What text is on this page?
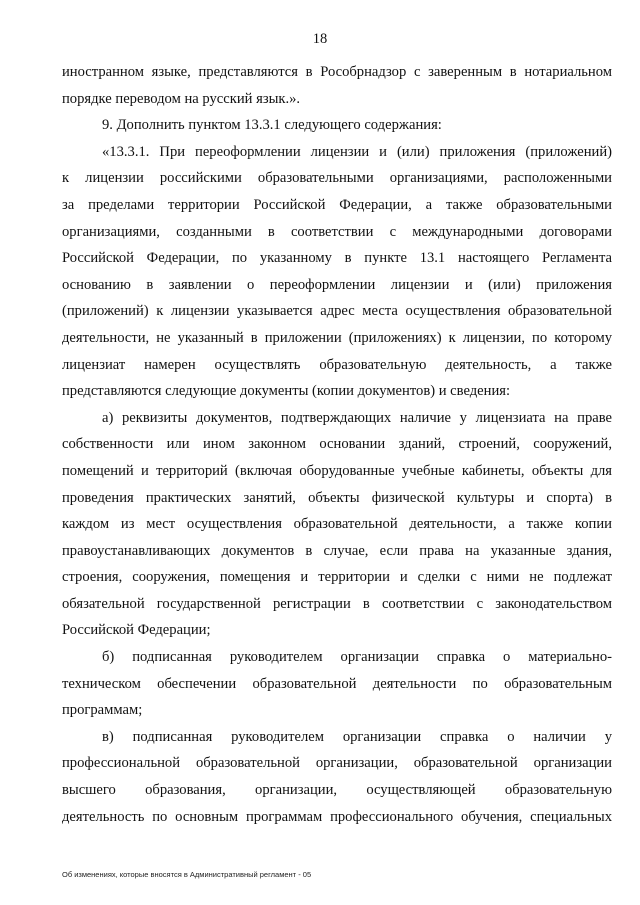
18
иностранном языке, представляются в Рособрнадзор с заверенным в нотариальном
порядке переводом на русский язык.».
9. Дополнить пунктом 13.3.1 следующего содержания:
«13.3.1. При переоформлении лицензии и (или) приложения (приложений)
к лицензии российскими образовательными организациями, расположенными
за пределами территории Российской Федерации, а также образовательными
организациями, созданными в соответствии с международными договорами
Российской Федерации, по указанному в пункте 13.1 настоящего Регламента
основанию в заявлении о переоформлении лицензии и (или) приложения
(приложений) к лицензии указывается адрес места осуществления образовательной
деятельности, не указанный в приложении (приложениях) к лицензии, по которому
лицензиат намерен осуществлять образовательную деятельность, а также
представляются следующие документы (копии документов) и сведения:
а) реквизиты документов, подтверждающих наличие у лицензиата на праве
собственности или ином законном основании зданий, строений, сооружений,
помещений и территорий (включая оборудованные учебные кабинеты, объекты для
проведения практических занятий, объекты физической культуры и спорта) в
каждом из мест осуществления образовательной деятельности, а также копии
правоустанавливающих документов в случае, если права на указанные здания,
строения, сооружения, помещения и территории и сделки с ними не подлежат
обязательной государственной регистрации в соответствии с законодательством
Российской Федерации;
б) подписанная руководителем организации справка о материально-
техническом обеспечении образовательной деятельности по образовательным
программам;
в) подписанная руководителем организации справка о наличии у
профессиональной образовательной организации, образовательной организации
высшего образования, организации, осуществляющей образовательную
деятельность по основным программам профессионального обучения, специальных
Об изменениях, которые вносятся в Административный регламент - 05
